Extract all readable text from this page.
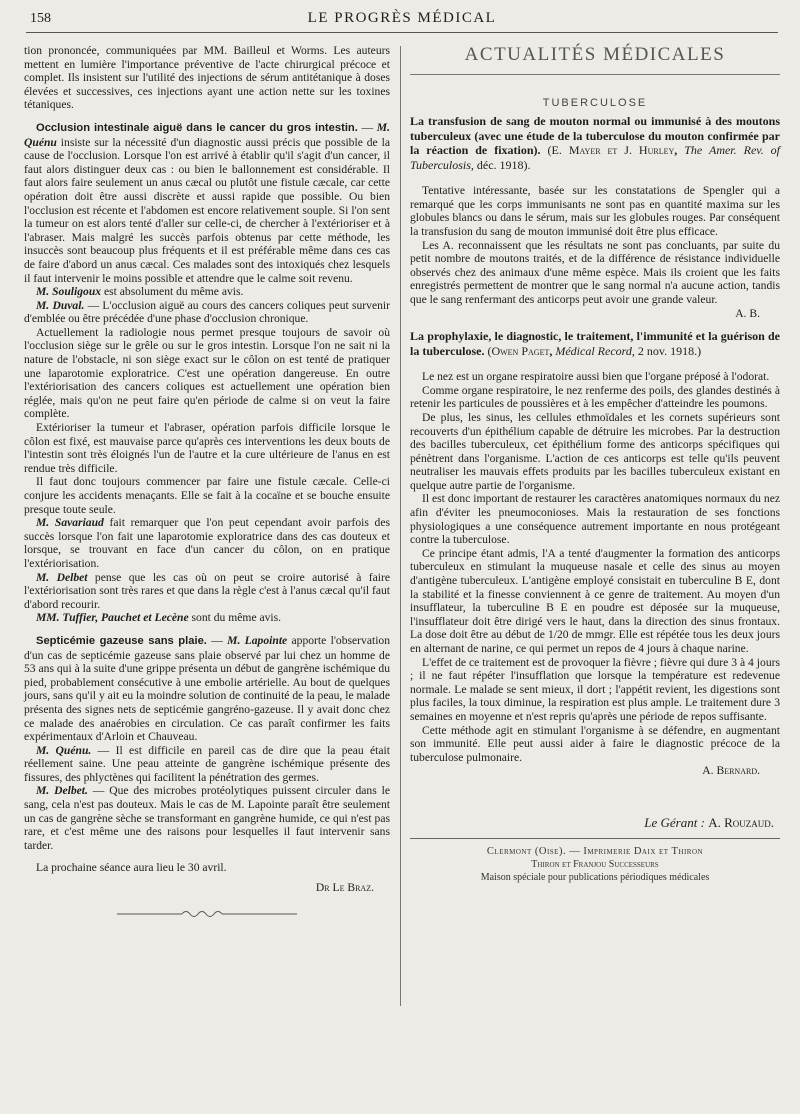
158	LE PROGRÈS MÉDICAL

tion prononcée, communiquées par MM. Bailleul et Worms. Les auteurs mettent en lumière l'importance préventive de l'acte chirurgical précoce et complet. Ils insistent sur l'utilité des injections de sérum antitétanique à doses élevées et successives, ces injections ayant une action nette sur les toxines tétaniques.

Occlusion intestinale aiguë dans le cancer du gros intestin. — M. Quénu insiste sur la nécessité d'un diagnostic aussi précis que possible de la cause de l'occlusion. Lorsque l'on est arrivé à établir qu'il s'agit d'un cancer, il faut alors distinguer deux cas : ou bien le ballonnement est considérable. Il faut alors faire seulement un anus cæcal ou plutôt une fistule cæcale, car cette opération doit être aussi discrète et aussi rapide que possible. Ou bien l'occlusion est récente et l'abdomen est encore relativement souple. Si l'on sent la tumeur on est alors tenté d'aller sur celle-ci, de chercher à l'extérioriser et à l'abraser. Mais malgré les succès parfois obtenus par cette méthode, les insuccès sont beaucoup plus fréquents et il est préférable même dans ces cas de faire d'abord un anus cæcal. Ces malades sont des intoxiqués chez lesquels il faut intervenir le moins possible et attendre que le calme soit revenu.

M. Souligoux est absolument du même avis.

M. Duval. — L'occlusion aiguë au cours des cancers coliques peut survenir d'emblée ou être précédée d'une phase d'occlusion chronique.

Actuellement la radiologie nous permet presque toujours de savoir où l'occlusion siège sur le grêle ou sur le gros intestin. Lorsque l'on ne sait ni la nature de l'obstacle, ni son siège exact sur le côlon on est tenté de pratiquer une laparotomie exploratrice. C'est une opération dangereuse. En outre l'extériorisation des cancers coliques est actuellement une opération bien réglée, mais qu'on ne peut faire qu'en période de calme si on veut la faire complète.

Extérioriser la tumeur et l'abraser, opération parfois difficile lorsque le côlon est fixé, est mauvaise parce qu'après ces interventions les deux bouts de l'intestin sont très éloignés l'un de l'autre et la cure ultérieure de l'anus en est rendue très difficile.

Il faut donc toujours commencer par faire une fistule cæcale. Celle-ci conjure les accidents menaçants. Elle se fait à la cocaïne et se bouche ensuite presque toute seule.

M. Savariaud fait remarquer que l'on peut cependant avoir parfois des succès lorsque l'on fait une laparotomie exploratrice dans des cas douteux et lorsque, se trouvant en face d'un cancer du côlon, on en pratique l'extériorisation.

M. Delbet pense que les cas où on peut se croire autorisé à faire l'extériorisation sont très rares et que dans la règle c'est à l'anus cæcal qu'il faut d'abord recourir.

MM. Tuffier, Pauchet et Lecène sont du même avis.

Septicémie gazeuse sans plaie. — M. Lapointe apporte l'observation d'un cas de septicémie gazeuse sans plaie observé par lui chez un homme de 53 ans qui à la suite d'une grippe présenta un début de gangrène ischémique du pied, probablement consécutive à une embolie artérielle. Au bout de quelques jours, sans qu'il y ait eu la moindre solution de continuité de la peau, le malade présenta des signes nets de septicémie gangréno-gazeuse. Il y avait donc chez ce malade des anaérobies en circulation. Ce cas paraît confirmer les faits expérimentaux d'Arloin et Chauveau.

M. Quénu. — Il est difficile en pareil cas de dire que la peau était réellement saine. Une peau atteinte de gangrène ischémique présente des fissures, des phlyctènes qui facilitent la pénétration des germes.

M. Delbet. — Que des microbes protéolytiques puissent circuler dans le sang, cela n'est pas douteux. Mais le cas de M. Lapointe paraît être seulement un cas de gangrène sèche se transformant en gangrène humide, ce qui n'est pas rare, et c'est même une des raisons pour lesquelles il faut intervenir sans tarder.

La prochaine séance aura lieu le 30 avril.

Dr Le Braz.
ACTUALITÉS MÉDICALES
TUBERCULOSE

La transfusion de sang de mouton normal ou immunisé à des moutons tuberculeux (avec une étude de la tuberculose du mouton confirmée par la réaction de fixation). (E. Mayer et J. Hurley, The Amer. Rev. of Tuberculosis, déc. 1918).

Tentative intéressante, basée sur les constatations de Spengler qui a remarqué que les corps immunisants ne sont pas en quantité maxima sur les globules blancs ou dans le sérum, mais sur les globules rouges. Par conséquent la transfusion du sang de mouton immunisé doit être plus efficace.

Les A. reconnaissent que les résultats ne sont pas concluants, par suite du petit nombre de moutons traités, et de la différence de résistance individuelle observés chez des animaux d'une même espèce. Mais ils croient que les faits enregistrés permettent de montrer que le sang normal n'a aucune action, tandis que le sang renfermant des anticorps peut avoir une grande valeur.

A. B.

La prophylaxie, le diagnostic, le traitement, l'immunité et la guérison de la tuberculose. (Owen Paget, Médical Record, 2 nov. 1918.)

Le nez est un organe respiratoire aussi bien que l'organe préposé à l'odorat.

Comme organe respiratoire, le nez renferme des poils, des glandes destinés à retenir les particules de poussières et à les empêcher d'atteindre les poumons.

De plus, les sinus, les cellules ethmoïdales et les cornets supérieurs sont recouverts d'un épithélium capable de détruire les microbes. Par la destruction des bacilles tuberculeux, cet épithélium forme des anticorps spécifiques qui pénètrent dans l'organisme. L'action de ces anticorps est telle qu'ils peuvent neutraliser les mauvais effets produits par les bacilles tuberculeux existant en quelque autre partie de l'organisme.

Il est donc important de restaurer les caractères anatomiques normaux du nez afin d'éviter les pneumoconioses. Mais la restauration de ses fonctions physiologiques a une conséquence autrement importante en nous protégeant contre la tuberculose.

Ce principe étant admis, l'A a tenté d'augmenter la formation des anticorps tuberculeux en stimulant la muqueuse nasale et celle des sinus au moyen d'antigène tuberculeux. L'antigène employé consistait en tuberculine B E, dont la stabilité et la finesse conviennent à ce genre de traitement. Au moyen d'un insufflateur, la tuberculine B E en poudre est déposée sur la muqueuse, l'insufflateur doit être dirigé vers le haut, dans la direction des sinus frontaux. La dose doit être au début de 1/20 de mmgr. Elle est répétée tous les deux jours en alternant de narine, ce qui permet un repos de 4 jours à chaque narine.

L'effet de ce traitement est de provoquer la fièvre ; fièvre qui dure 3 à 4 jours ; il ne faut répéter l'insufflation que lorsque la température est redevenue normale. Le malade se sent mieux, il dort ; l'appétit revient, les digestions sont plus faciles, la toux diminue, la respiration est plus ample. Le traitement dure 3 semaines en moyenne et n'est repris qu'après une période de repos suffisante.

Cette méthode agit en stimulant l'organisme à se défendre, en augmentant son immunité. Elle peut aussi aider à faire le diagnostic précoce de la tuberculose pulmonaire.

A. Bernard.
Le Gérant : A. Rouzaud.
Clermont (Oise). — Imprimerie Daix et Thiron
Thiron et Franjou Successeurs
Maison spéciale pour publications périodiques médicales
